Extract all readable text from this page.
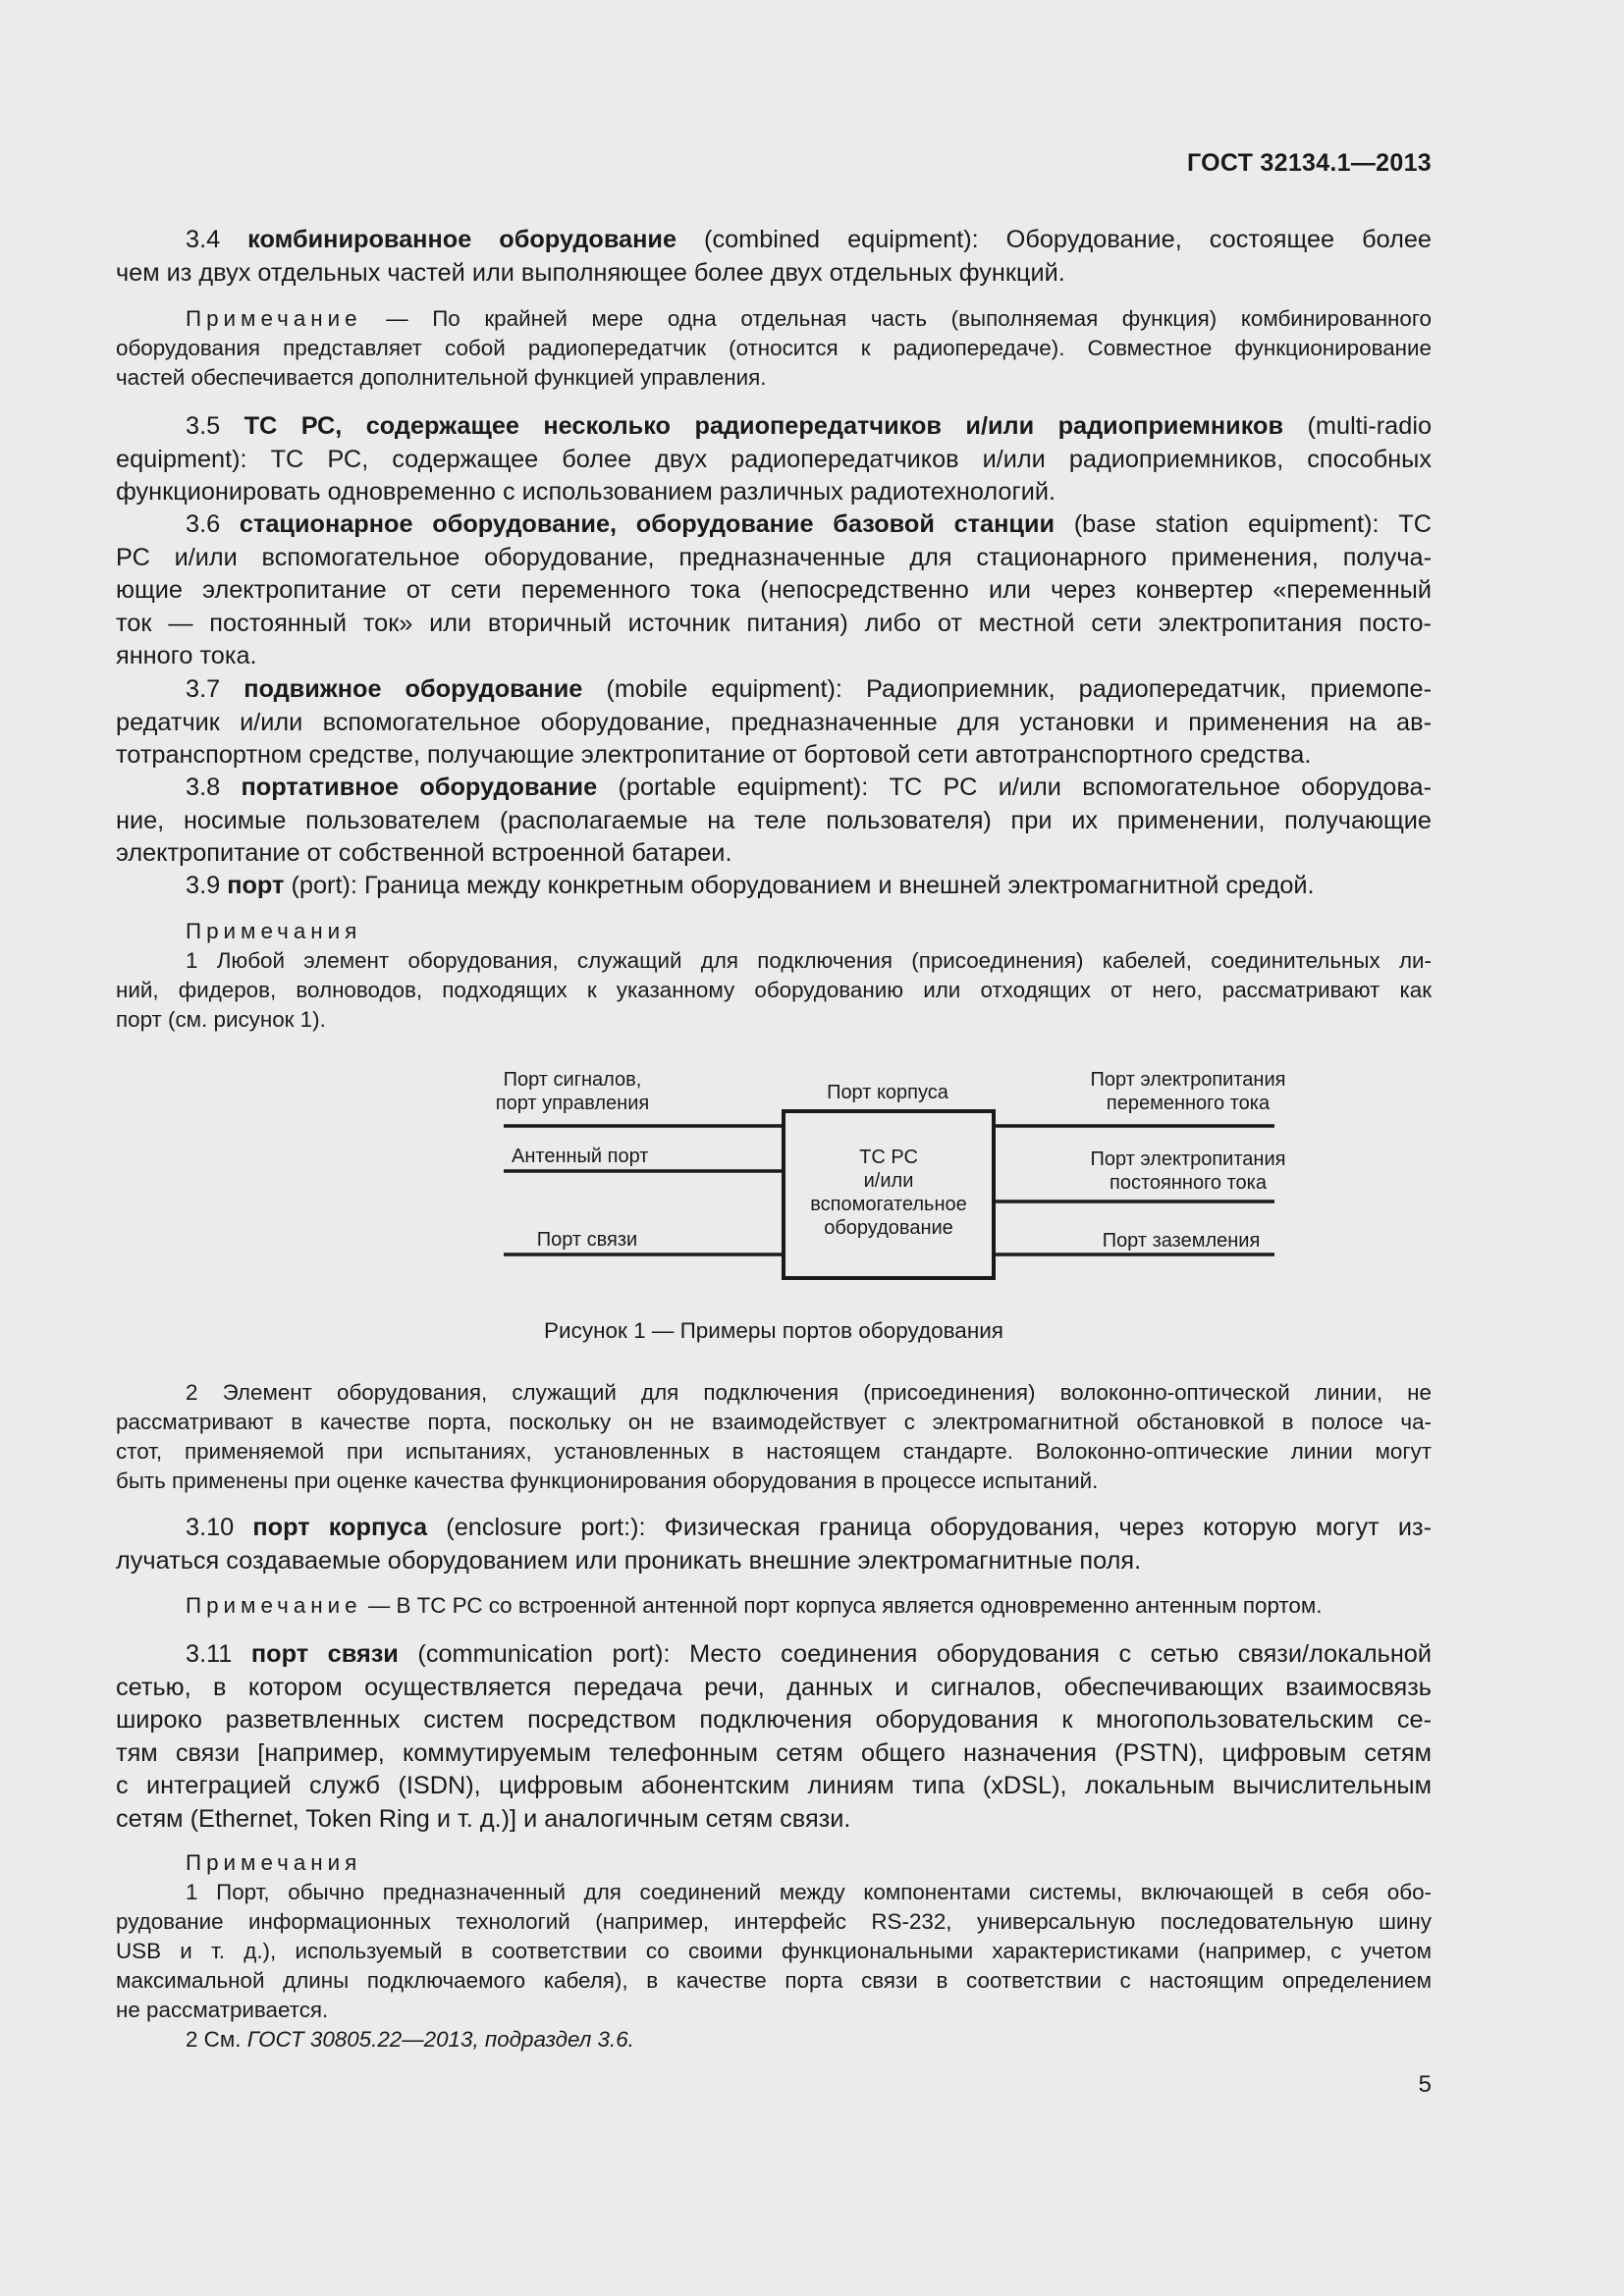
ГОСТ 32134.1—2013
3.4 комбинированное оборудование (combined equipment): Оборудование, состоящее более
чем из двух отдельных частей или выполняющее более двух отдельных функций.
Примечание — По крайней мере одна отдельная часть (выполняемая функция) комбинированного
оборудования представляет собой радиопередатчик (относится к радиопередаче). Совместное функционирование
частей обеспечивается дополнительной функцией управления.
3.5 ТС РС, содержащее несколько радиопередатчиков и/или радиоприемников (multi-radio
equipment): ТС РС, содержащее более двух радиопередатчиков и/или радиоприемников, способных
функционировать одновременно с использованием различных радиотехнологий.
3.6 стационарное оборудование, оборудование базовой станции (base station equipment): ТС
РС и/или вспомогательное оборудование, предназначенные для стационарного применения, получа-
ющие электропитание от сети переменного тока (непосредственно или через конвертер «переменный
ток — постоянный ток» или вторичный источник питания) либо от местной сети электропитания посто-
янного тока.
3.7 подвижное оборудование (mobile equipment): Радиоприемник, радиопередатчик, приемопе-
редатчик и/или вспомогательное оборудование, предназначенные для установки и применения на ав-
тотранспортном средстве, получающие электропитание от бортовой сети автотранспортного средства.
3.8 портативное оборудование (portable equipment): ТС РС и/или вспомогательное оборудова-
ние, носимые пользователем (располагаемые на теле пользователя) при их применении, получающие
электропитание от собственной встроенной батареи.
3.9 порт (port): Граница между конкретным оборудованием и внешней электромагнитной средой.
Примечания
1 Любой элемент оборудования, служащий для подключения (присоединения) кабелей, соединительных ли-
ний, фидеров, волноводов, подходящих к указанному оборудованию или отходящих от него, рассматривают как
порт (см. рисунок 1).
Порт сигналов,
порт управления
Антенный порт
Порт связи
Порт корпуса
ТС РС
и/или
вспомогательное
оборудование
Порт электропитания
переменного тока
Порт электропитания
постоянного тока
Порт заземления
Рисунок 1 — Примеры портов оборудования
2 Элемент оборудования, служащий для подключения (присоединения) волоконно-оптической линии, не
рассматривают в качестве порта, поскольку он не взаимодействует с электромагнитной обстановкой в полосе ча-
стот, применяемой при испытаниях, установленных в настоящем стандарте. Волоконно-оптические линии могут
быть применены при оценке качества функционирования оборудования в процессе испытаний.
3.10 порт корпуса (enclosure port:): Физическая граница оборудования, через которую могут из-
лучаться создаваемые оборудованием или проникать внешние электромагнитные поля.
Примечание — В ТС РС со встроенной антенной порт корпуса является одновременно антенным портом.
3.11 порт связи (communication port): Место соединения оборудования с сетью связи/локальной
сетью, в котором осуществляется передача речи, данных и сигналов, обеспечивающих взаимосвязь
широко разветвленных систем посредством подключения оборудования к многопользовательским се-
тям связи [например, коммутируемым телефонным сетям общего назначения (PSTN), цифровым сетям
с интеграцией служб (ISDN), цифровым абонентским линиям типа (xDSL), локальным вычислительным
сетям (Ethernet, Token Ring и т. д.)] и аналогичным сетям связи.
Примечания
1 Порт, обычно предназначенный для соединений между компонентами системы, включающей в себя обо-
рудование информационных технологий (например, интерфейс RS-232, универсальную последовательную шину
USB и т. д.), используемый в соответствии со своими функциональными характеристиками (например, с учетом
максимальной длины подключаемого кабеля), в качестве порта связи в соответствии с настоящим определением
не рассматривается.
2 См. ГОСТ 30805.22—2013, подраздел 3.6.
5
